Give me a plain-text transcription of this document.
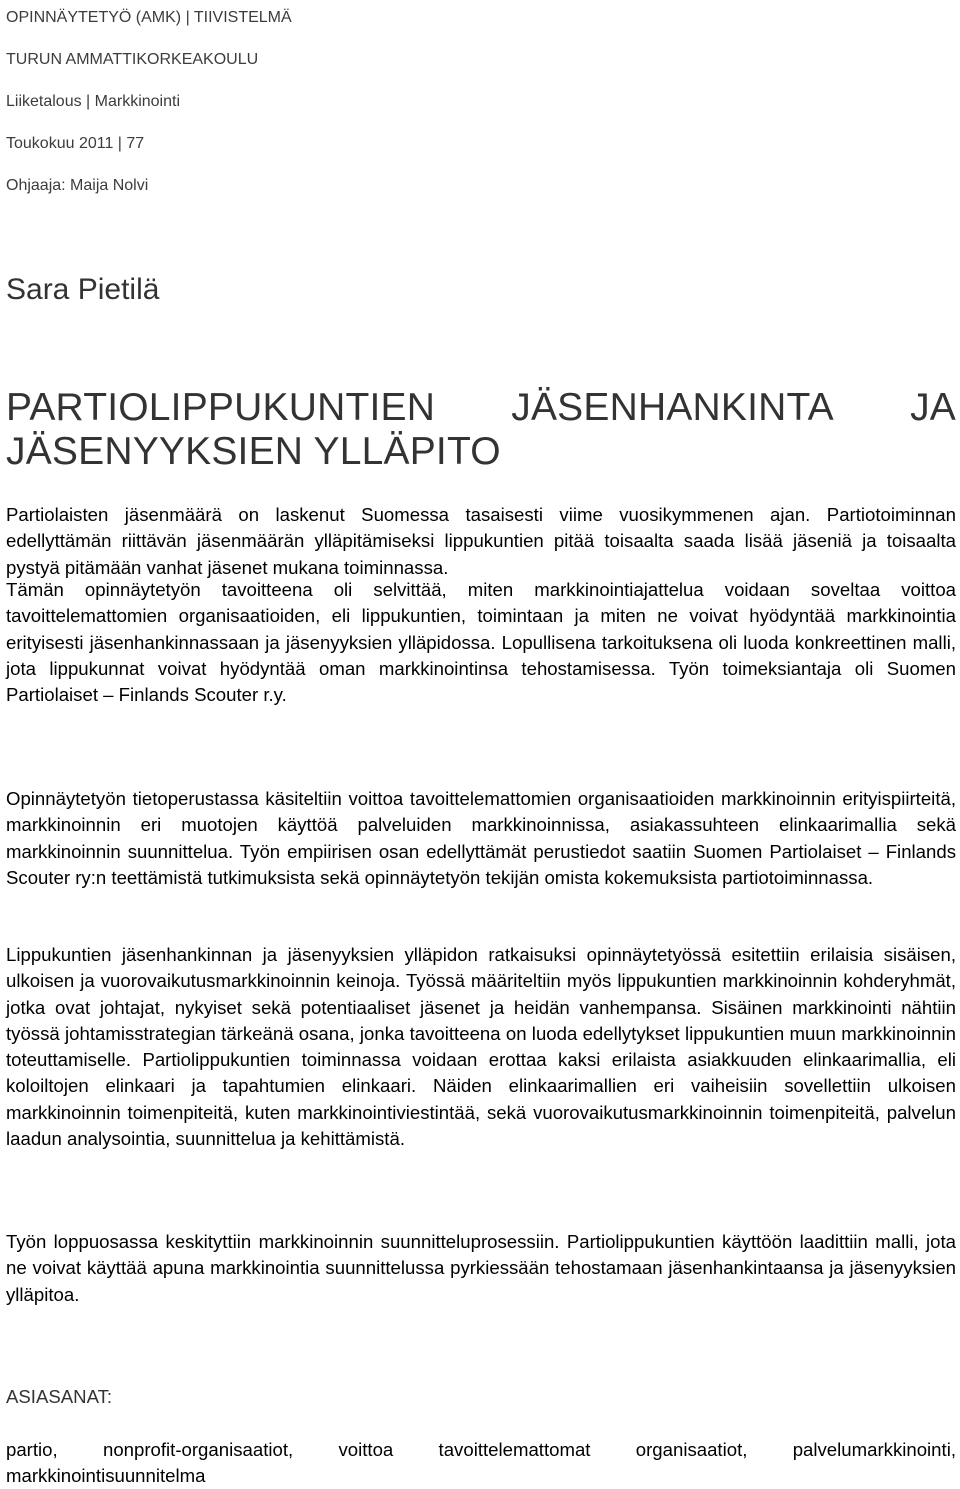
OPINNÄYTETYÖ (AMK) | TIIVISTELMÄ
TURUN AMMATTIKORKEAKOULU
Liiketalous | Markkinointi
Toukokuu 2011 | 77
Ohjaaja: Maija Nolvi
Sara Pietilä
PARTIOLIPPUKUNTIEN JÄSENHANKINTA JA
JÄSENYYKSIEN YLLÄPITO

Partiolaisten jäsenmäärä on laskenut Suomessa tasaisesti viime vuosikymmenen ajan. Partiotoiminnan edellyttämän riittävän jäsenmäärän ylläpitämiseksi lippukuntien pitää toisaalta saada lisää jäseniä ja toisaalta pystyä pitämään vanhat jäsenet mukana toiminnassa.

Tämän opinnäytetyön tavoitteena oli selvittää, miten markkinointiajattelua voidaan soveltaa voittoa tavoittelemattomien organisaatioiden, eli lippukuntien, toimintaan ja miten ne voivat hyödyntää markkinointia erityisesti jäsenhankinnassaan ja jäsenyyksien ylläpidossa. Lopullisena tarkoituksena oli luoda konkreettinen malli, jota lippukunnat voivat hyödyntää oman markkinointinsa tehostamisessa. Työn toimeksiantaja oli Suomen Partiolaiset – Finlands Scouter r.y.

Opinnäytetyön tietoperustassa käsiteltiin voittoa tavoittelemattomien organisaatioiden markkinoinnin erityispiirteitä, markkinoinnin eri muotojen käyttöä palveluiden markkinoinnissa, asiakassuhteen elinkaarimallia sekä markkinoinnin suunnittelua. Työn empiirisen osan edellyttämät perustiedot saatiin Suomen Partiolaiset – Finlands Scouter ry:n teettämistä tutkimuksista sekä opinnäytetyön tekijän omista kokemuksista partiotoiminnassa.

Lippukuntien jäsenhankinnan ja jäsenyyksien ylläpidon ratkaisuksi opinnäytetyössä esitettiin erilaisia sisäisen, ulkoisen ja vuorovaikutusmarkkinoinnin keinoja. Työssä määriteltiin myös lippukuntien markkinoinnin kohderyhmät, jotka ovat johtajat, nykyiset sekä potentiaaliset jäsenet ja heidän vanhempansa. Sisäinen markkinointi nähtiin työssä johtamisstrategian tärkeänä osana, jonka tavoitteena on luoda edellytykset lippukuntien muun markkinoinnin toteuttamiselle. Partiolippukuntien toiminnassa voidaan erottaa kaksi erilaista asiakkuuden elinkaarimallia, eli koloiltojen elinkaari ja tapahtumien elinkaari. Näiden elinkaarimallien eri vaiheisiin sovellettiin ulkoisen markkinoinnin toimenpiteitä, kuten markkinointiviestintää, sekä vuorovaikutusmarkkinoinnin toimenpiteitä, palvelun laadun analysointia, suunnittelua ja kehittämistä.

Työn loppuosassa keskityttiin markkinoinnin suunnitteluprosessiin. Partiolippukuntien käyttöön laadittiin malli, jota ne voivat käyttää apuna markkinointia suunnittelussa pyrkiessään tehostamaan jäsenhankintaansa ja jäsenyyksien ylläpitoa.

ASIASANAT:
partio, nonprofit-organisaatiot, voittoa tavoittelemattomat organisaatiot, palvelumarkkinointi, markkinointisuunnitelma
